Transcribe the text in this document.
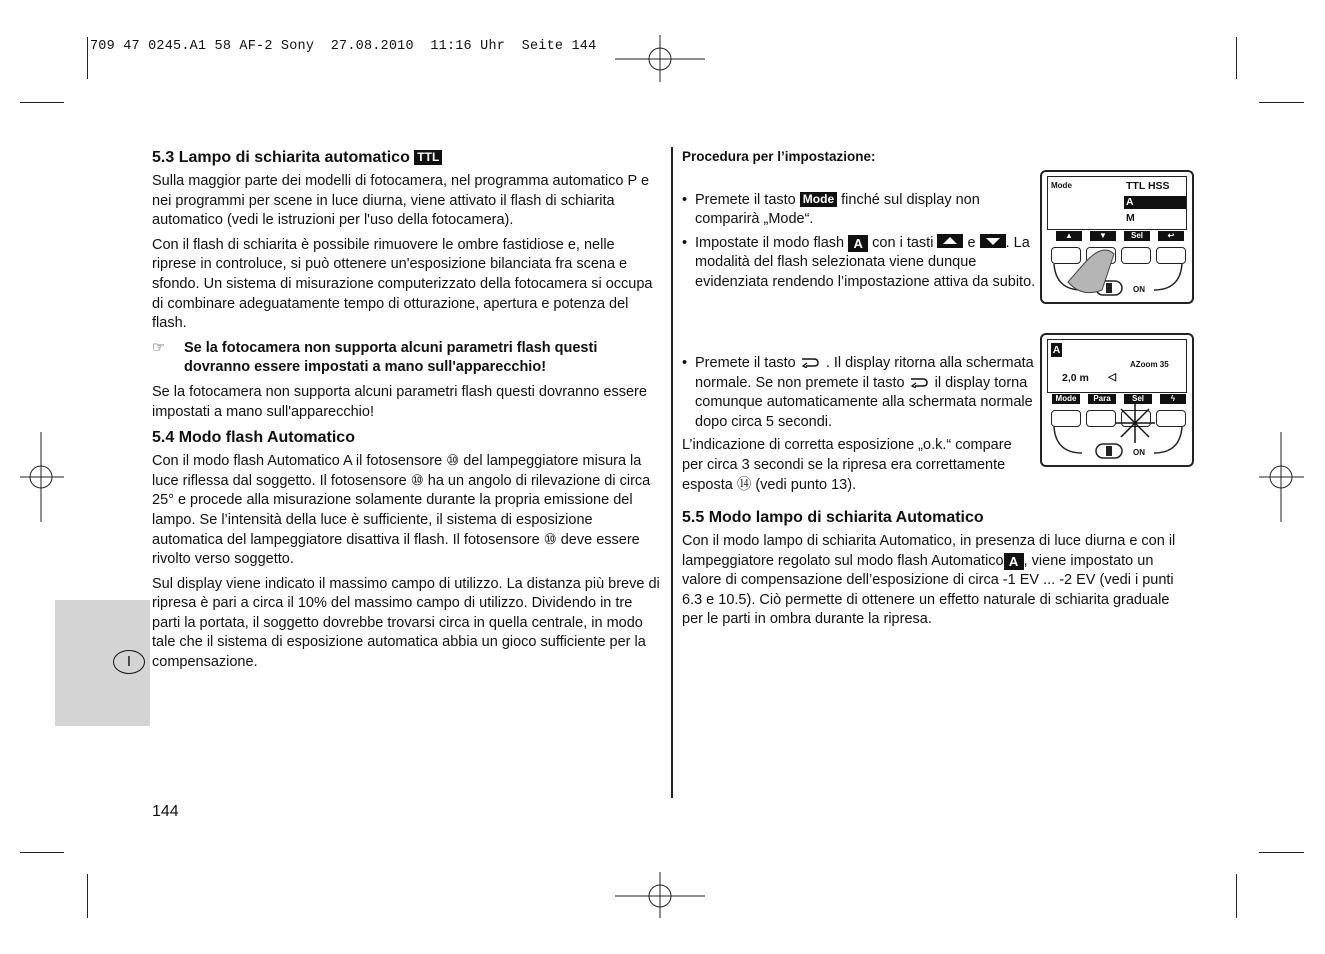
709 47 0245.A1 58 AF-2 Sony  27.08.2010  11:16 Uhr  Seite 144
I
5.3 Lampo di schiarita automatico TTL

Sulla maggior parte dei modelli di fotocamera, nel programma automatico P e nei programmi per scene in luce diurna, viene attivato il flash di schiarita automatico (vedi le istruzioni per l'uso della fotocamera).

Con il flash di schiarita è possibile rimuovere le ombre fastidiose e, nelle riprese in controluce, si può ottenere un'esposizione bilanciata fra scena e sfondo. Un sistema di misurazione computerizzato della fotocamera si occupa di combinare adeguatamente tempo di otturazione, apertura e potenza del flash.

☞	Se la fotocamera non supporta alcuni parametri flash questi dovranno essere impostati a mano sull'apparecchio!

Se la fotocamera non supporta alcuni parametri flash questi dovranno essere impostati a mano sull'apparecchio!

5.4 Modo flash Automatico

Con il modo flash Automatico A il fotosensore ⑩ del lampeggiatore misura la luce riflessa dal soggetto. Il fotosensore ⑩ ha un angolo di rilevazione di circa 25° e procede alla misurazione solamente durante la propria emissione del lampo. Se l’intensità della luce è sufficiente, il sistema di esposizione automatica del lampeggiatore disattiva il flash. Il fotosensore ⑩ deve essere rivolto verso soggetto.

Sul display viene indicato il massimo campo di utilizzo. La distanza più breve di ripresa è pari a circa il 10% del massimo campo di utilizzo. Dividendo in tre parti la portata, il soggetto dovrebbe trovarsi circa in quella centrale, in modo tale che il sistema di esposizione automatica abbia un gioco sufficiente per la compensazione.

Procedura per l’impostazione:
• Premete il tasto Mode finché sul display non comparirà „Mode“.
• Impostate il modo flash A con i tasti e . La modalità del flash selezionata viene dunque evidenziata rendendo l’impostazione attiva da subito.
• Premete il tasto . Il display ritorna alla schermata normale. Se non premete il tasto il display torna comunque automaticamente alla schermata normale dopo circa 5 secondi.

L’indicazione di corretta esposizione „o.k.“ compare per circa 3 secondi se la ripresa era correttamente esposta ⑭ (vedi punto 13).

5.5 Modo lampo di schiarita Automatico

Con il modo lampo di schiarita Automatico, in presenza di luce diurna e con il lampeggiatore regolato sul modo flash Automatico A , viene impostato un valore di compensazione dell’esposizione di circa -1 EV ... -2 EV (vedi i punti 6.3 e 10.5). Ciò permette di ottenere un effetto naturale di schiarita graduale per le parti in ombra durante la ripresa.

Mode	TTL HSS
A
M
▲	▼	Sel	↩
ON
A
AZoom 35
2,0 m ◁
Mode	Para	Sel	ϟ
ON
144
